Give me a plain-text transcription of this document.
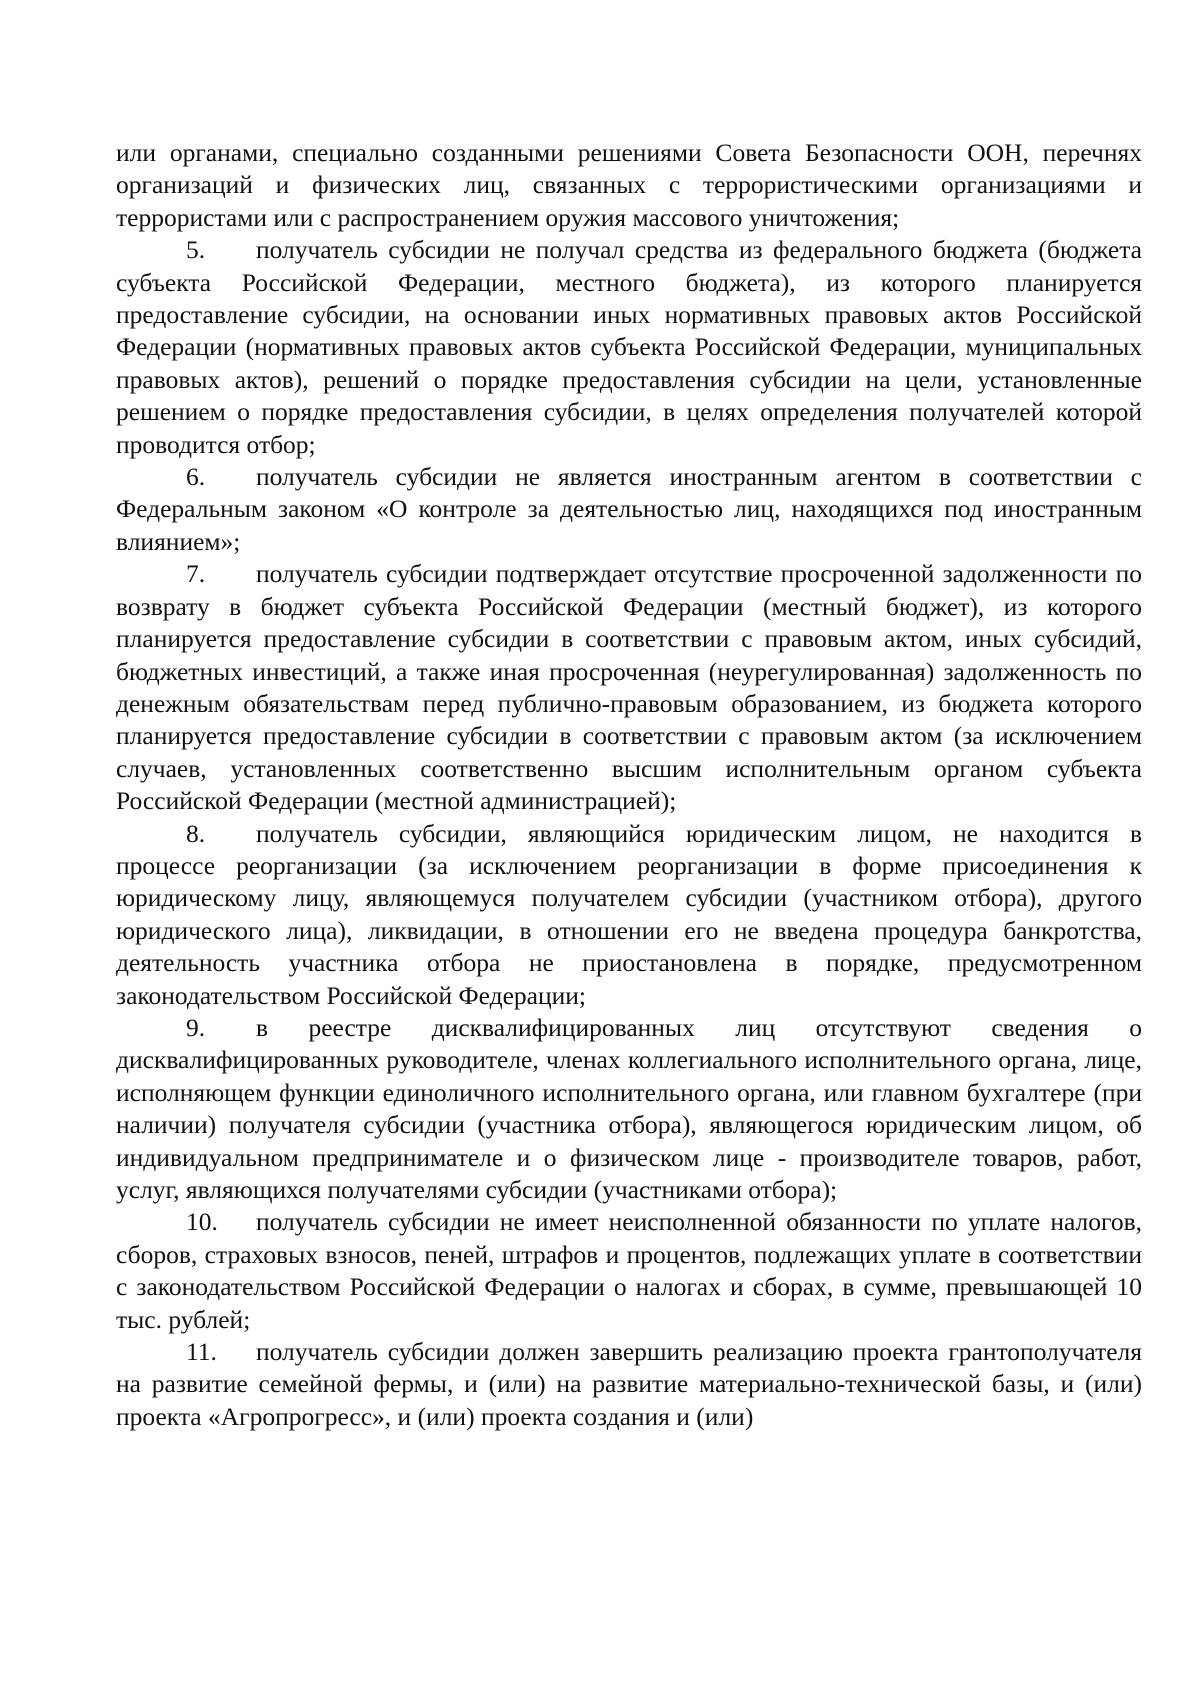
или органами, специально созданными решениями Совета Безопасности ООН, перечнях организаций и физических лиц, связанных с террористическими организациями и террористами или с распространением оружия массового уничтожения;

5. получатель субсидии не получал средства из федерального бюджета (бюджета субъекта Российской Федерации, местного бюджета), из которого планируется предоставление субсидии, на основании иных нормативных правовых актов Российской Федерации (нормативных правовых актов субъекта Российской Федерации, муниципальных правовых актов), решений о порядке предоставления субсидии на цели, установленные решением о порядке предоставления субсидии, в целях определения получателей которой проводится отбор;

6. получатель субсидии не является иностранным агентом в соответствии с Федеральным законом «О контроле за деятельностью лиц, находящихся под иностранным влиянием»;

7. получатель субсидии подтверждает отсутствие просроченной задолженности по возврату в бюджет субъекта Российской Федерации (местный бюджет), из которого планируется предоставление субсидии в соответствии с правовым актом, иных субсидий, бюджетных инвестиций, а также иная просроченная (неурегулированная) задолженность по денежным обязательствам перед публично-правовым образованием, из бюджета которого планируется предоставление субсидии в соответствии с правовым актом (за исключением случаев, установленных соответственно высшим исполнительным органом субъекта Российской Федерации (местной администрацией);

8. получатель субсидии, являющийся юридическим лицом, не находится в процессе реорганизации (за исключением реорганизации в форме присоединения к юридическому лицу, являющемуся получателем субсидии (участником отбора), другого юридического лица), ликвидации, в отношении его не введена процедура банкротства, деятельность участника отбора не приостановлена в порядке, предусмотренном законодательством Российской Федерации;

9. в реестре дисквалифицированных лиц отсутствуют сведения о дисквалифицированных руководителе, членах коллегиального исполнительного органа, лице, исполняющем функции единоличного исполнительного органа, или главном бухгалтере (при наличии) получателя субсидии (участника отбора), являющегося юридическим лицом, об индивидуальном предпринимателе и о физическом лице - производителе товаров, работ, услуг, являющихся получателями субсидии (участниками отбора);

10. получатель субсидии не имеет неисполненной обязанности по уплате налогов, сборов, страховых взносов, пеней, штрафов и процентов, подлежащих уплате в соответствии с законодательством Российской Федерации о налогах и сборах, в сумме, превышающей 10 тыс. рублей;

11. получатель субсидии должен завершить реализацию проекта грантополучателя на развитие семейной фермы, и (или) на развитие материально-технической базы, и (или) проекта «Агропрогресс», и (или) проекта создания и (или)
